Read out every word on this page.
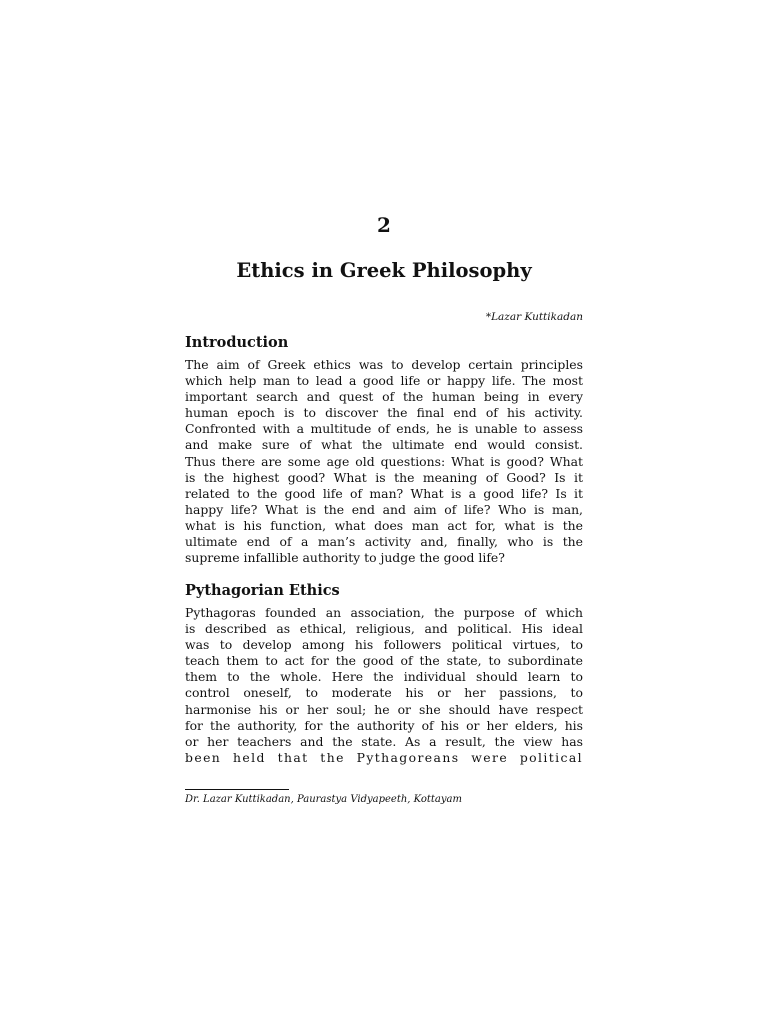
2
Ethics in Greek Philosophy
*Lazar Kuttikadan
Introduction

The aim of Greek ethics was to develop certain principles
which help man to lead a good life or happy life. The most
important search and quest of the human being in every
human epoch is to discover the final end of his activity.
Confronted with a multitude of ends, he is unable to assess
and make sure of what the ultimate end would consist.
Thus there are some age old questions: What is good? What
is the highest good? What is the meaning of Good? Is it
related to the good life of man? What is a good life? Is it
happy life? What is the end and aim of life? Who is man,
what is his function, what does man act for, what is the
ultimate end of a man’s activity and, finally, who is the
supreme infallible authority to judge the good life?

Pythagorian Ethics

Pythagoras founded an association, the purpose of which
is described as ethical, religious, and political. His ideal
was to develop among his followers political virtues, to
teach them to act for the good of the state, to subordinate
them to the whole. Here the individual should learn to
control oneself, to moderate his or her passions, to
harmonise his or her soul; he or she should have respect
for the authority, for the authority of his or her elders, his
or her teachers and the state. As a result, the view has
been held that the Pythagoreans were political

Dr. Lazar Kuttikadan, Paurastya Vidyapeeth, Kottayam
